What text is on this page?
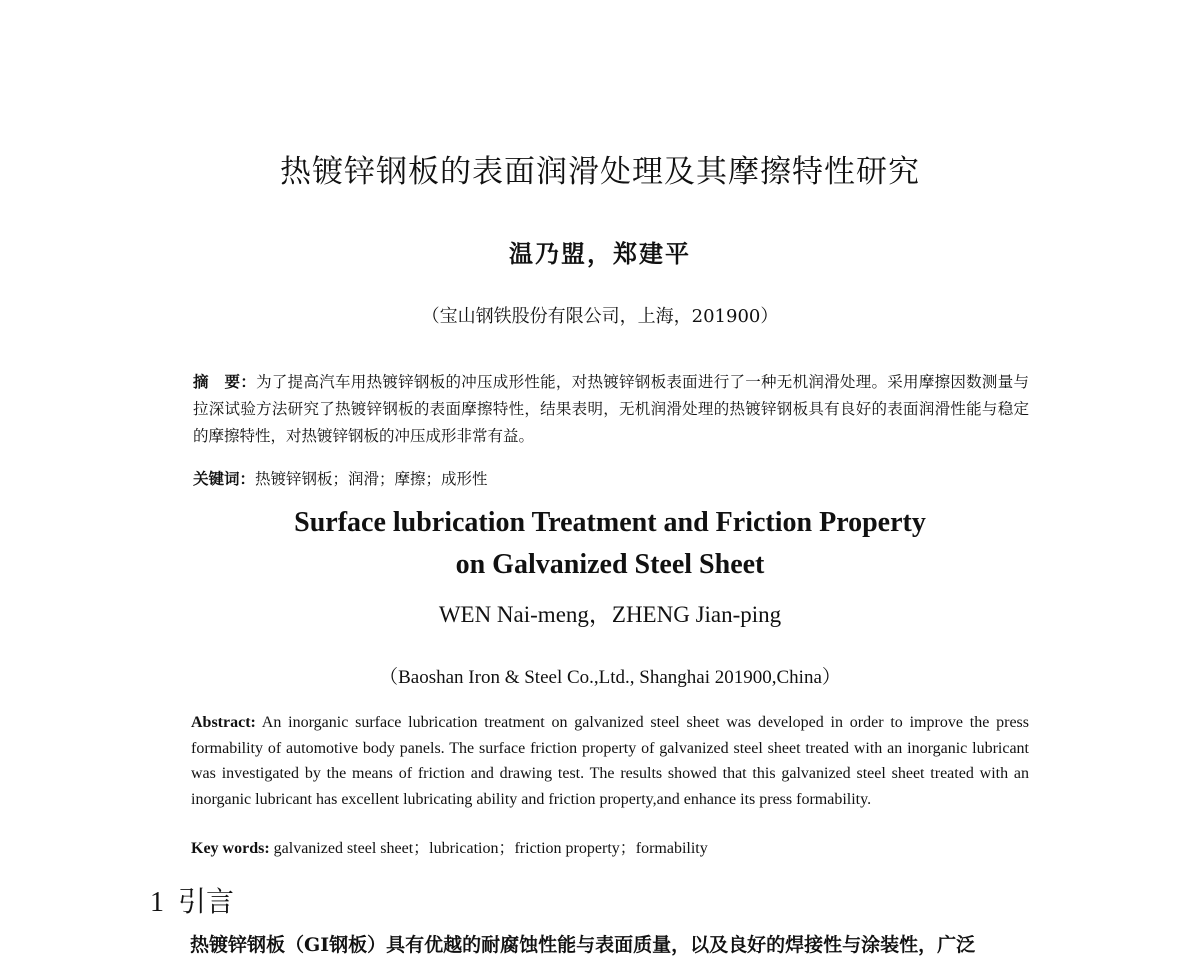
热镀锌钢板的表面润滑处理及其摩擦特性研究
温乃盟，郑建平
（宝山钢铁股份有限公司，上海，201900）
摘　要：为了提高汽车用热镀锌钢板的冲压成形性能，对热镀锌钢板表面进行了一种无机润滑处理。采用摩擦因数测量与拉深试验方法研究了热镀锌钢板的表面摩擦特性，结果表明，无机润滑处理的热镀锌钢板具有良好的表面润滑性能与稳定的摩擦特性，对热镀锌钢板的冲压成形非常有益。
关键词：热镀锌钢板；润滑；摩擦；成形性
Surface lubrication Treatment and Friction Property
on Galvanized Steel Sheet
WEN Nai-meng，ZHENG Jian-ping
（Baoshan Iron & Steel Co.,Ltd., Shanghai 201900,China）
Abstract: An inorganic surface lubrication treatment on galvanized steel sheet was developed in order to improve the press formability of automotive body panels. The surface friction property of galvanized steel sheet treated with an inorganic lubricant was investigated by the means of friction and drawing test. The results showed that this galvanized steel sheet treated with an inorganic lubricant has excellent lubricating ability and friction property,and enhance its press formability.
Key words: galvanized steel sheet；lubrication；friction property；formability
1 引言
热镀锌钢板（GI钢板）具有优越的耐腐蚀性能与表面质量，以及良好的焊接性与涂装性，广泛
